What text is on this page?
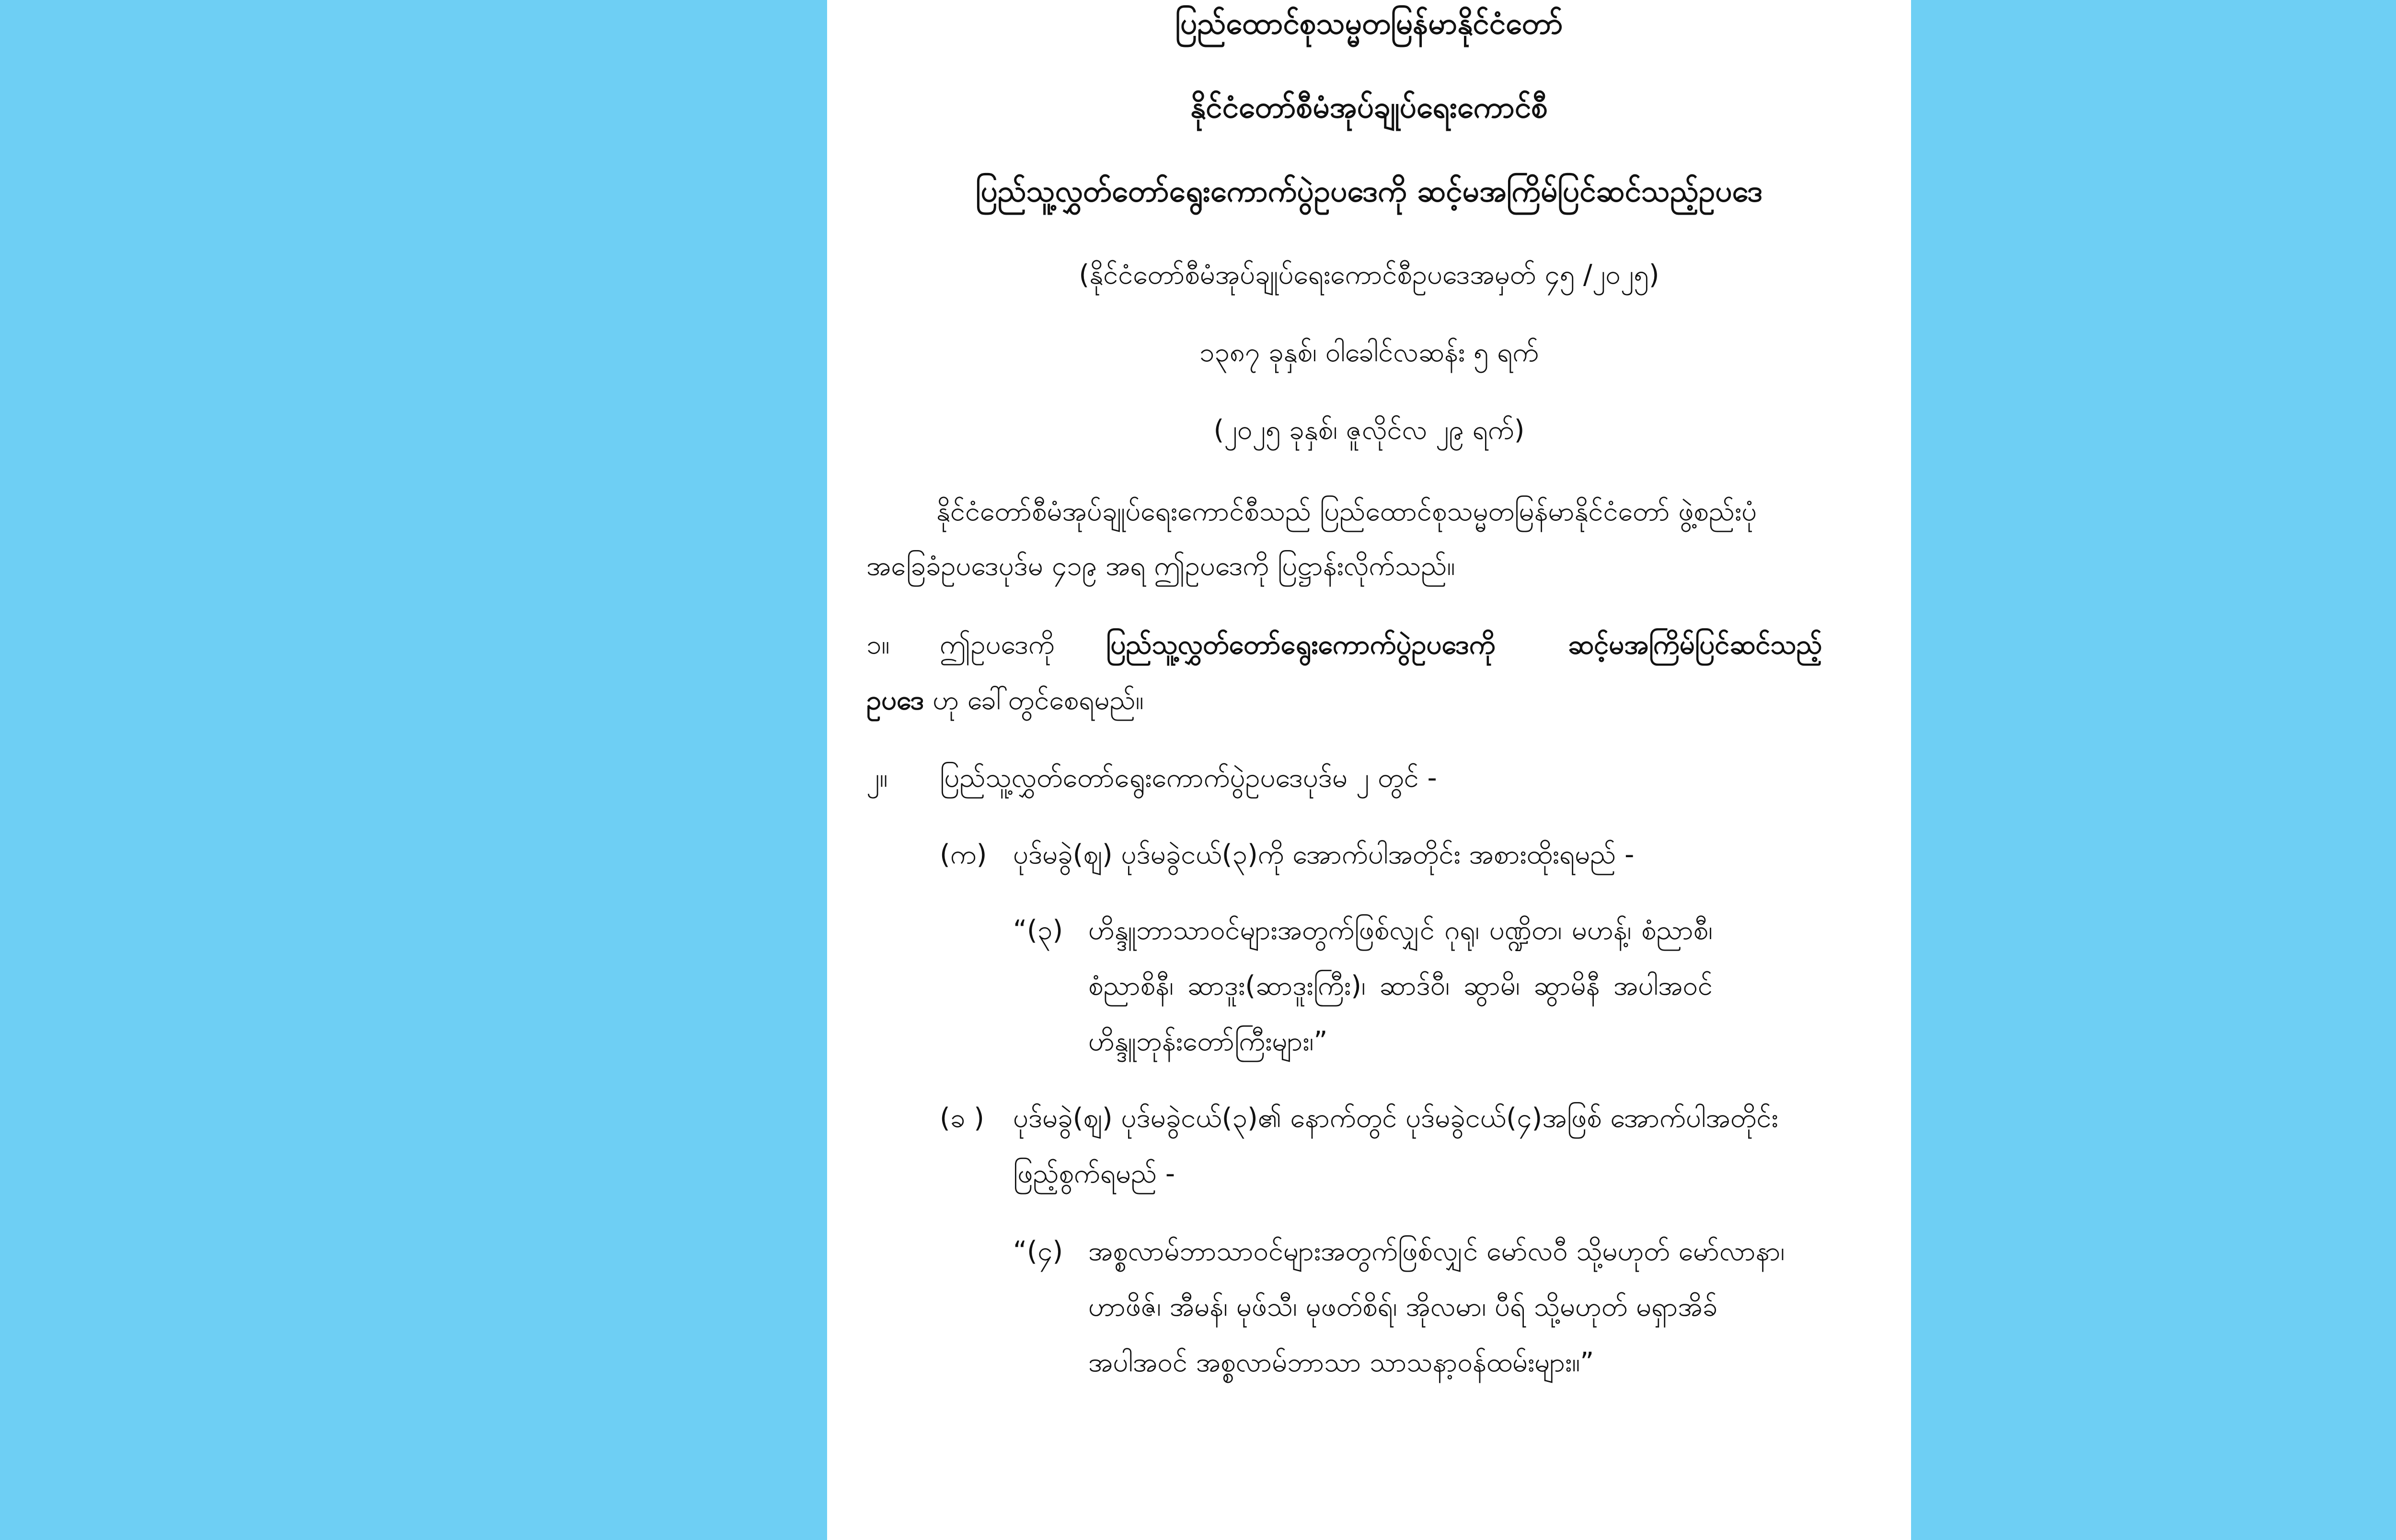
ပြည်ထောင်စုသမ္မတမြန်မာနိုင်ငံတော်
နိုင်ငံတော်စီမံအုပ်ချုပ်ရေးကောင်စီ
ပြည်သူ့လွှတ်တော်ရွေးကောက်ပွဲဥပဒေကို ဆင့်မအကြိမ်ပြင်ဆင်သည့်ဥပဒေ
(နိုင်ငံတော်စီမံအုပ်ချုပ်ရေးကောင်စီဥပဒေအမှတ် ၄၅ /၂၀၂၅)
၁၃၈၇ ခုနှစ်၊ ဝါခေါင်လဆန်း ၅ ရက်
(၂၀၂၅ ခုနှစ်၊ ဇူလိုင်လ ၂၉ ရက်)
နိုင်ငံတော်စီမံအုပ်ချုပ်ရေးကောင်စီသည် ပြည်ထောင်စုသမ္မတမြန်မာနိုင်ငံတော် ဖွဲ့စည်းပုံ
အခြေခံဥပဒေပုဒ်မ ၄၁၉ အရ ဤဥပဒေကို ပြဋ္ဌာန်းလိုက်သည်။
၁။ ဤဥပဒေကို ပြည်သူ့လွှတ်တော်ရွေးကောက်ပွဲဥပဒေကို	ဆင့်မအကြိမ်ပြင်ဆင်သည့်
ဥပဒေ ဟု ခေါ်တွင်စေရမည်။
၂။ ပြည်သူ့လွှတ်တော်ရွေးကောက်ပွဲဥပဒေပုဒ်မ ၂ တွင် -
(က) ပုဒ်မခွဲ(ဈ) ပုဒ်မခွဲငယ်(၃)ကို အောက်ပါအတိုင်း အစားထိုးရမည် -
“(၃) ဟိန္ဒူဘာသာဝင်များအတွက်ဖြစ်လျှင် ဂုရု၊ ပဏ္ဍိတ၊ မဟန့်၊ စံညာစီ၊
စံညာစိနီ၊ ဆာဒူး(ဆာဒူးကြီး)၊ ဆာဒ်ဝီ၊ ဆွာမိ၊ ဆွာမိနီ အပါအဝင်
ဟိန္ဒူဘုန်းတော်ကြီးများ၊”
(ခ ) ပုဒ်မခွဲ(ဈ) ပုဒ်မခွဲငယ်(၃)၏ နောက်တွင် ပုဒ်မခွဲငယ်(၄)အဖြစ် အောက်ပါအတိုင်း
ဖြည့်စွက်ရမည် -
“(၄) အစ္စလာမ်ဘာသာဝင်များအတွက်ဖြစ်လျှင် မော်လဝီ သို့မဟုတ် မော်လာနာ၊
ဟာဖိဇ်၊ အီမန်၊ မုဖ်သီ၊ မုဖတ်စိရ်၊ အိုလမာ၊ ပီရ် သို့မဟုတ် မရှာအိခ်
အပါအဝင် အစ္စလာမ်ဘာသာ သာသနာ့ဝန်ထမ်းများ။”
